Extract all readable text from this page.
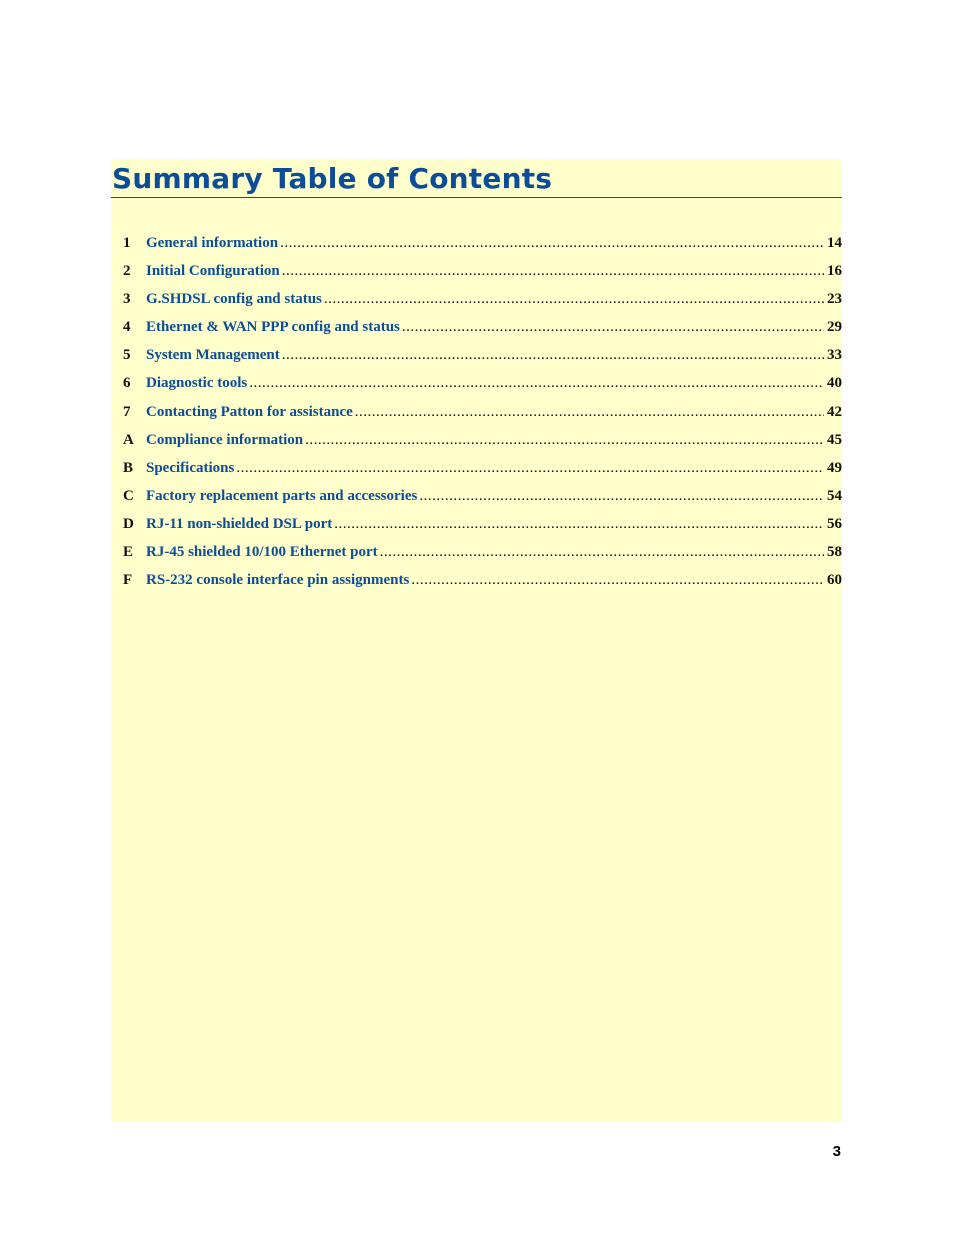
Summary Table of Contents
1 General information .....	14
2 Initial Configuration .....	16
3 G.SHDSL config and status .....	23
4 Ethernet & WAN PPP config and status .....	29
5 System Management .....	33
6 Diagnostic tools .....	40
7 Contacting Patton for assistance .....	42
A Compliance information .....	45
B Specifications .....	49
C Factory replacement parts and accessories .....	54
D RJ-11 non-shielded DSL port .....	56
E RJ-45 shielded 10/100 Ethernet port .....	58
F RS-232 console interface pin assignments .....	60
3
